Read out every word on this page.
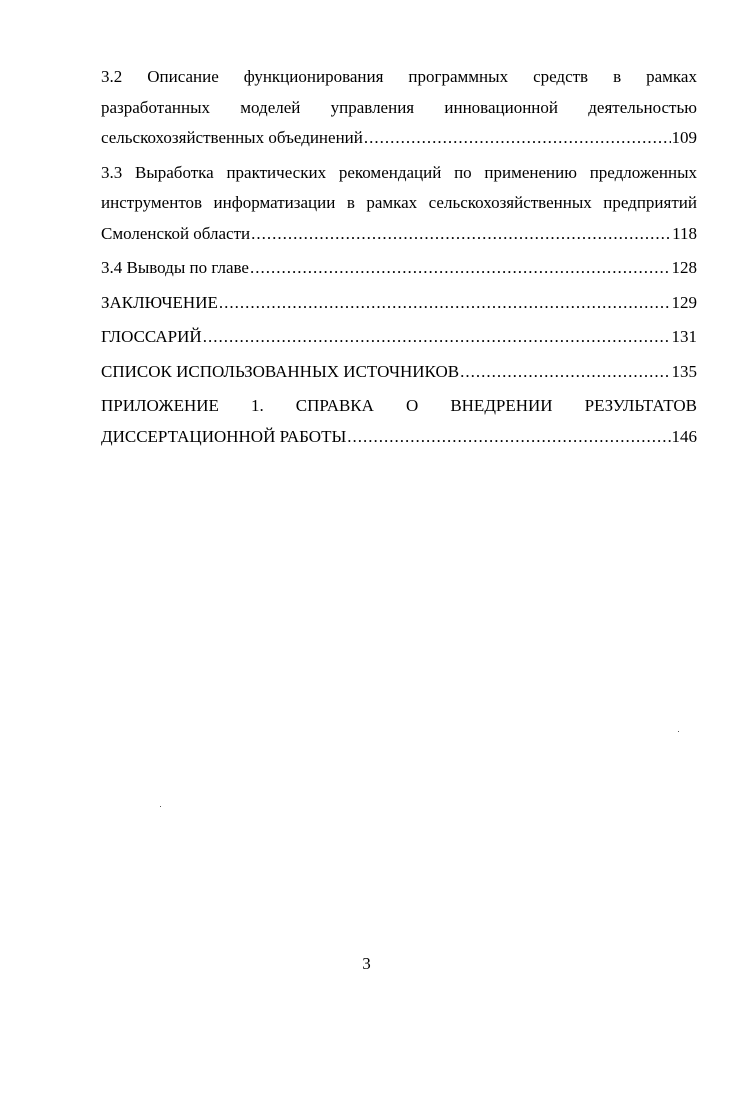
3.2 Описание функционирования программных средств в рамках
разработанных моделей управления инновационной деятельностью
сельскохозяйственных объединений .....	109
3.3 Выработка практических рекомендаций по применению предложенных
инструментов информатизации в рамках сельскохозяйственных предприятий
Смоленской области .....	118
3.4 Выводы по главе .....	128
ЗАКЛЮЧЕНИЕ .....	129
ГЛОССАРИЙ .....	131
СПИСОК ИСПОЛЬЗОВАННЫХ ИСТОЧНИКОВ .....	135
ПРИЛОЖЕНИЕ 1. СПРАВКА О ВНЕДРЕНИИ РЕЗУЛЬТАТОВ
ДИССЕРТАЦИОННОЙ РАБОТЫ .....	146
3
